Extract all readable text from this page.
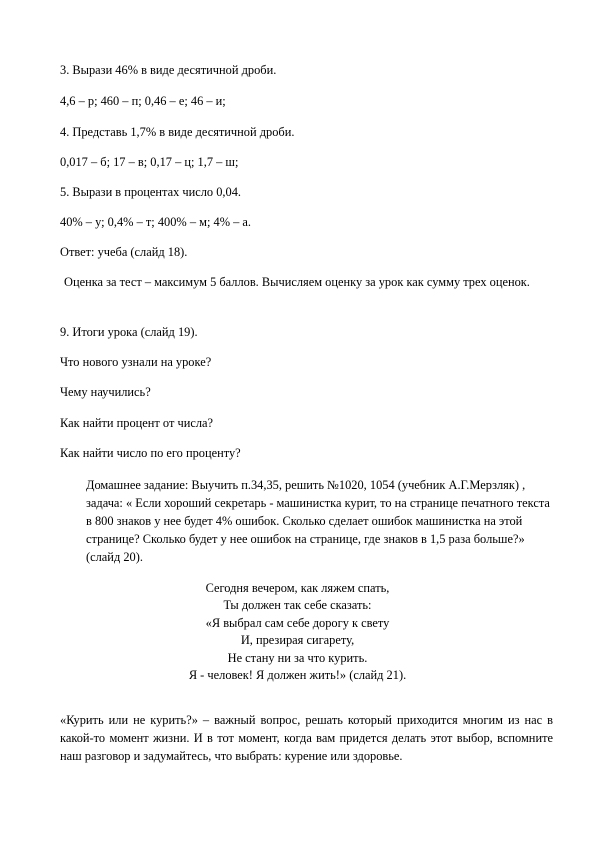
3. Вырази 46% в виде десятичной дроби.
4,6 – р; 460 – п; 0,46 – е; 46 – и;
4. Представь 1,7% в виде десятичной дроби.
0,017 – б; 17 – в; 0,17 – ц; 1,7 – ш;
5. Вырази в процентах число 0,04.
40% – у; 0,4% – т; 400% – м; 4% – а.
Ответ: учеба (слайд 18).
Оценка за тест – максимум 5 баллов. Вычисляем оценку за урок как сумму трех оценок.
9. Итоги урока (слайд 19).
Что нового узнали на уроке?
Чему научились?
Как найти процент от числа?
Как найти число по его проценту?
Домашнее задание: Выучить п.34,35, решить №1020, 1054 (учебник А.Г.Мерзляк) , задача: « Если хороший секретарь - машинистка курит, то на странице печатного текста в 800 знаков у нее будет 4% ошибок. Сколько сделает ошибок машинистка на этой странице? Сколько будет у нее ошибок на странице, где знаков в 1,5 раза больше?» (слайд 20).
Сегодня вечером, как ляжем спать,
Ты должен так себе сказать:
«Я выбрал сам себе дорогу к свету
И, презирая сигарету,
Не стану ни за что курить.
Я - человек! Я должен жить!» (слайд 21).
«Курить или не курить?» – важный вопрос, решать который приходится многим из нас в какой-то момент жизни. И в тот момент, когда вам придется делать этот выбор, вспомните наш разговор и задумайтесь, что выбрать: курение или здоровье.
